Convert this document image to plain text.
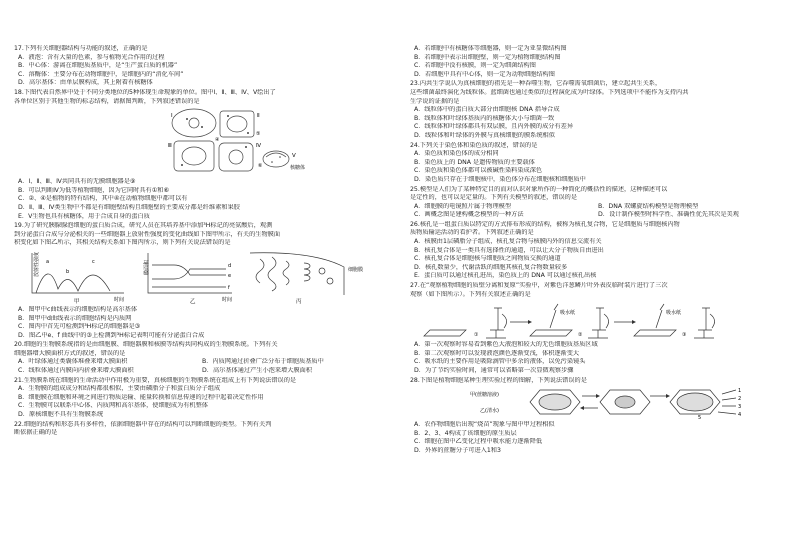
17.下列有关细胞器结构与功能的叙述，正确的是
A．液泡：含有大量的色素，参与植物光合作用的过程
B．中心体：游离在细胞质基质中，是“生产蛋白质的机器”
C．溶酶体：主要分布在动物细胞中，是细胞内的“消化车间”
D．高尔基体：由单层膜构成，其上附着有核糖体
18.下图代表自然界中处于不同分类地位的5种体现生命现象的单位。图中Ⅰ、Ⅱ、Ⅲ、Ⅳ、Ⅴ绘出了
各单位区别于其他生物的标志结构，请据图判断，下列叙述错误的是
Ⅰ	Ⅱ
Ⅲ	Ⅳ
Ⅴ
④
⑤
⑥	核糖体
A．Ⅰ、Ⅱ、Ⅲ、Ⅳ共同具有的无膜细胞器是⑨
B．可以判断Ⅳ为低等植物细胞，因为它同时具有①和⑥
C．②、④是植物的特有结构，其中④在动植物细胞中都可以有
D．Ⅱ、Ⅲ、Ⅳ类生物中不都是有细胞壁结构且细胞壁的主要成分都是纤维素和果胶
E．Ⅴ生物也具有核糖体，用于合成自身的蛋白质
19.为了研究胰腺腺泡细胞的蛋白质合成，研究人员在其培养基中添加³H标记的亮氨酸后，观测
到分泌蛋白合成与分泌相关的一些细胞器上放射性强度的变化曲线如下图甲所示，有关的生物膜面
积变化如下图乙所示，其相关结构关系如下图丙所示，则下列有关说法错误的是
放射性强度
时间
甲
a
b
c	膜面积
时间
乙
d
e
f
细胞膜
丙
A．图甲中c曲线表示的细胞结构是高尔基体
B．图甲中d曲线表示的细胞结构是内质网
C．图丙中首先可检测到³H标记的细胞器是③
D．图乙中e、f 曲线中的③上检测到³H标记表明可能有分泌蛋白合成
20.细胞的生物膜系统指的是由细胞膜、细胞器膜和核膜等结构共同构成的生物膜系统。下列有关
细胞器增大膜面积方式的叙述，错误的是
A．叶绿体通过类囊体堆叠来增大膜面积	B．内质网通过折叠广泛分布于细胞质基质中
C．线粒体通过内膜向内折叠来增大膜面积	D．高尔基体通过产生小泡来增大膜面积
21.生物膜系统在细胞的生命活动中作用极为重要，真核细胞的生物膜系统在组成上有下列说法错误的是
A．生物膜的组成成分和结构都很相似，主要由磷脂分子和蛋白质分子组成
B．细胞膜在细胞和环境之间进行物质运输、能量转换和信息传递的过程中起着决定性作用
C．生物膜可以联系中心体、内质网和高尔基体，使细胞成为有机整体
D．原核细胞不具有生物膜系统
22.细胞的结构和形态具有多样性，依据细胞器中存在的结构可以判断细胞的类型。下列有关判
断依据正确的是
A．若细胞中有核糖体等细胞器，则一定为亚显微结构图
B．若细胞中表示出细胞壁，则一定为植物细胞结构图
C．若细胞中没有核膜，则一定为细菌结构图
D．若细胞中具有中心体，则一定为动物细胞结构图
23.内共生学说认为真核细胞的祖先是一种吞噬生物，它吞噬需氧细菌后，建立起共生关系，
这些细菌最终演化为线粒体。蓝细菌也通过类似的过程演化成为叶绿体。下列选项中不能作为支持内共
生学说的证据的是
A．线粒体中的蛋白质大部分由细胞核 DNA 指导合成
B．线粒体和叶绿体基质内的核糖体大小与细菌一致
C．线粒体和叶绿体都具有双层膜，且内外膜的成分有差异
D．线粒体和叶绿体的外膜与真核细胞的膜系统相似
24.下列关于染色体和染色质的叙述，错误的是
A．染色质和染色体的成分相同
B．染色质上的 DNA 是遗传物质的主要载体
C．染色质和染色体都可以被碱性染料染成深色
D．染色质只存在于细胞核中，染色体分布在细胞核和细胞质中
25.模型是人们为了某种特定目的而对认识对象所作的一种简化的概括性的描述，这种描述可以
是定性的，也可以是定量的。下列有关模型的叙述，错误的是
A．细胞膜的电镜照片属于物理模型	B．DNA 双螺旋结构模型是物理模型
C．画概念图是建构概念模型的一种方法	D．设计制作模型时科学性、准确性优先其次是美观
26.核孔是一组蛋白质以特定的方式排布形成的结构，被称为核孔复合物，它是细胞质与细胞核内物
质物质输运活动的看护者。下列叙述正确的是
A．核膜由1层磷脂分子组成，核孔复合物与核膜内外的信息交流有关
B．核孔复合体是一类具有选择性的通道，可以让大分子物质自由进出
C．核孔复合体是细胞核与细胞质之间物质交换的通道
D．核孔数量少，代谢活跃的细胞其核孔复合物数量较多
E．蛋白质可以通过核孔进出，染色质上的 DNA 可以通过核孔出核
27.在“观察植物细胞的质壁分离和复原”实验中，对紫色洋葱鳞片叶外表皮临时装片进行了三次
观察（如下图所示）。下列有关叙述正确的是
吸水纸	吸水纸
①	②	③
A．第一次观察时容易看到紫色大液泡和较大的无色细胞质基质区域
B．第二次观察时可以发现液泡颜色逐渐变浅，体积逐渐变大
C．吸水纸的主要作用是吸除滴管中多余的液体，以免污染镜头
D．为了节约实验时间，通常可以省略第一次显微观察步骤
28.下图是植物细胞某种生理实验过程的图解，下列说法错误的是
甲(蔗糖溶液)
乙(清水)
1
2
3
4
5
A．农作物细胞后出现“烧苗”现象与图中甲过程相似
B．2、3、4构成了该细胞的原生质层
C．细胞在图中乙变化过程中吸水能力逐渐降低
D．外界的蔗糖分子可进入1和3
